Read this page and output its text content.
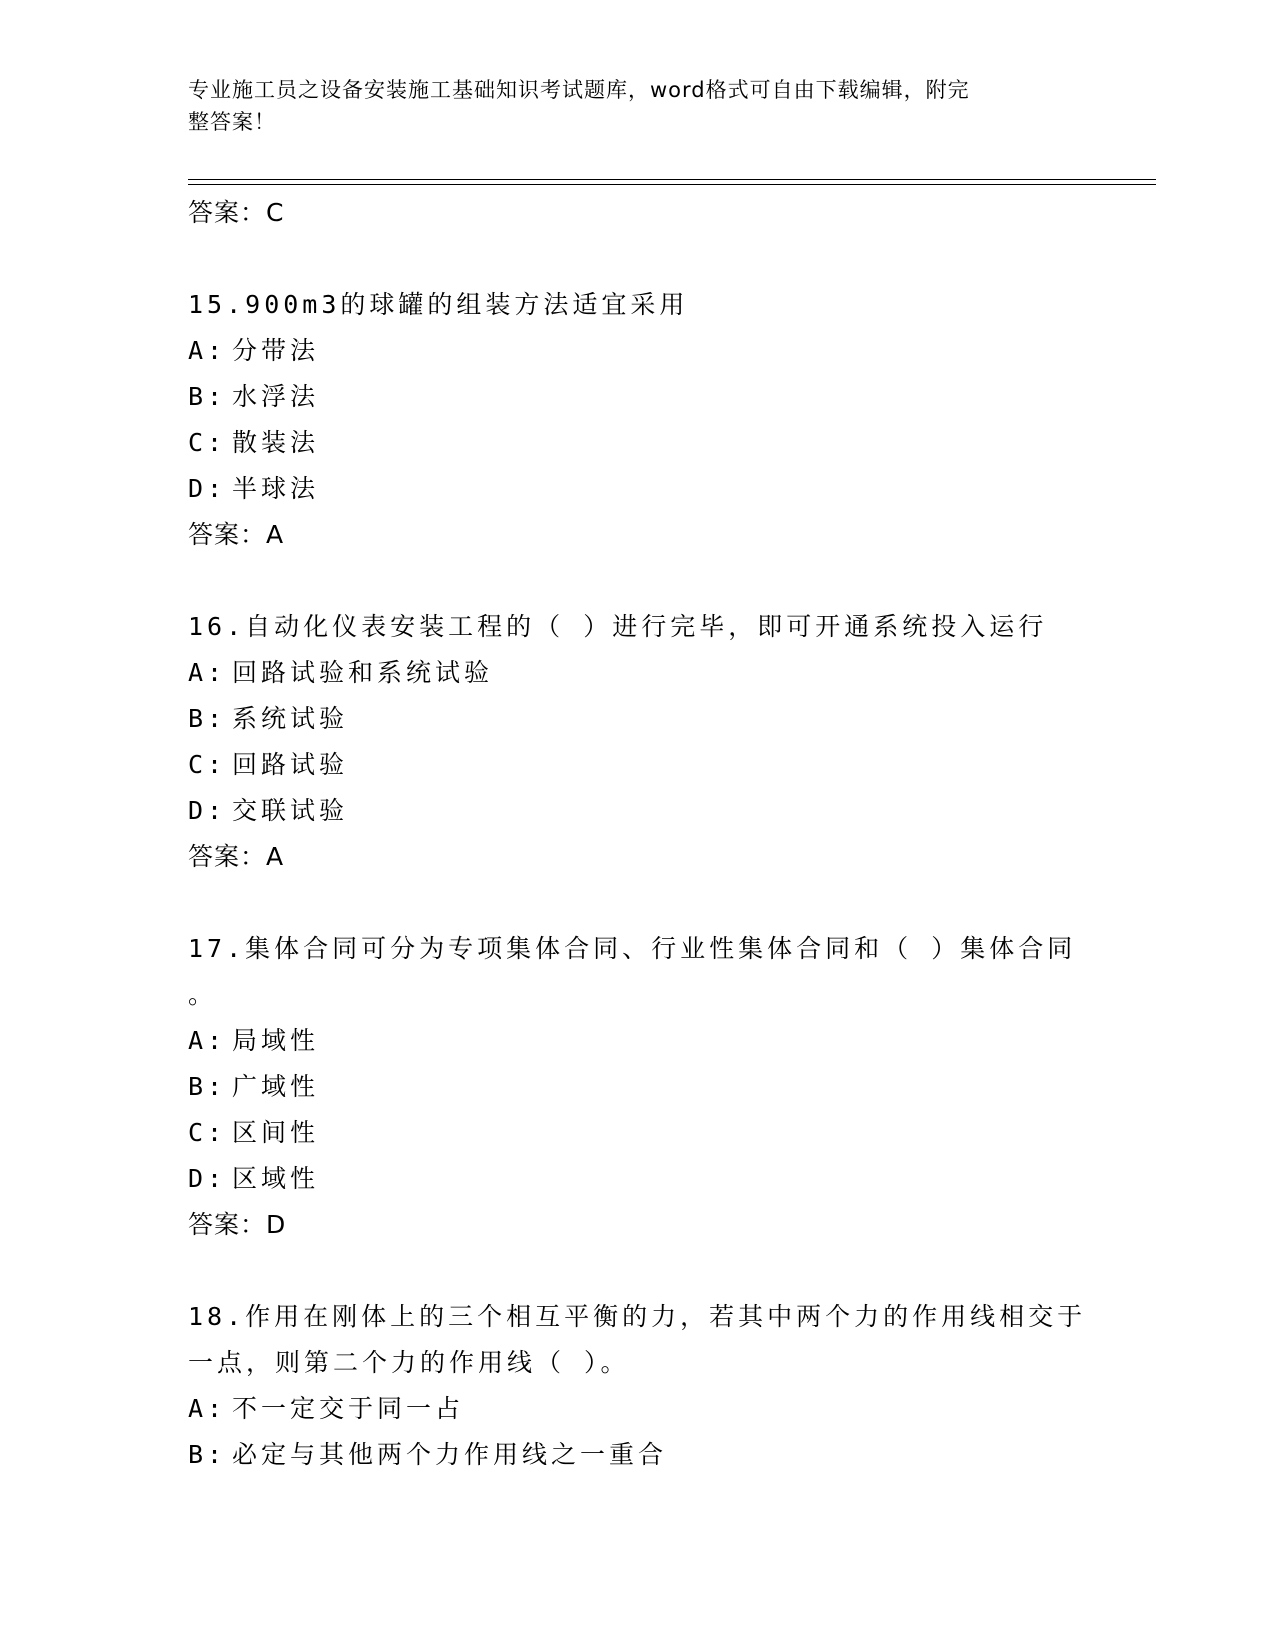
专业施工员之设备安装施工基础知识考试题库，word格式可自由下载编辑，附完
整答案！
答案：C
15.900m3的球罐的组装方法适宜采用
A: 分带法
B: 水浮法
C: 散装法
D: 半球法
答案：A
16.自动化仪表安装工程的（ ）进行完毕，即可开通系统投入运行
A: 回路试验和系统试验
B: 系统试验
C: 回路试验
D: 交联试验
答案：A
17.集体合同可分为专项集体合同、行业性集体合同和（ ）集体合同
。
A: 局域性
B: 广域性
C: 区间性
D: 区域性
答案：D
18.作用在刚体上的三个相互平衡的力，若其中两个力的作用线相交于
一点，则第二个力的作用线（ ）。
A: 不一定交于同一占
B: 必定与其他两个力作用线之一重合
